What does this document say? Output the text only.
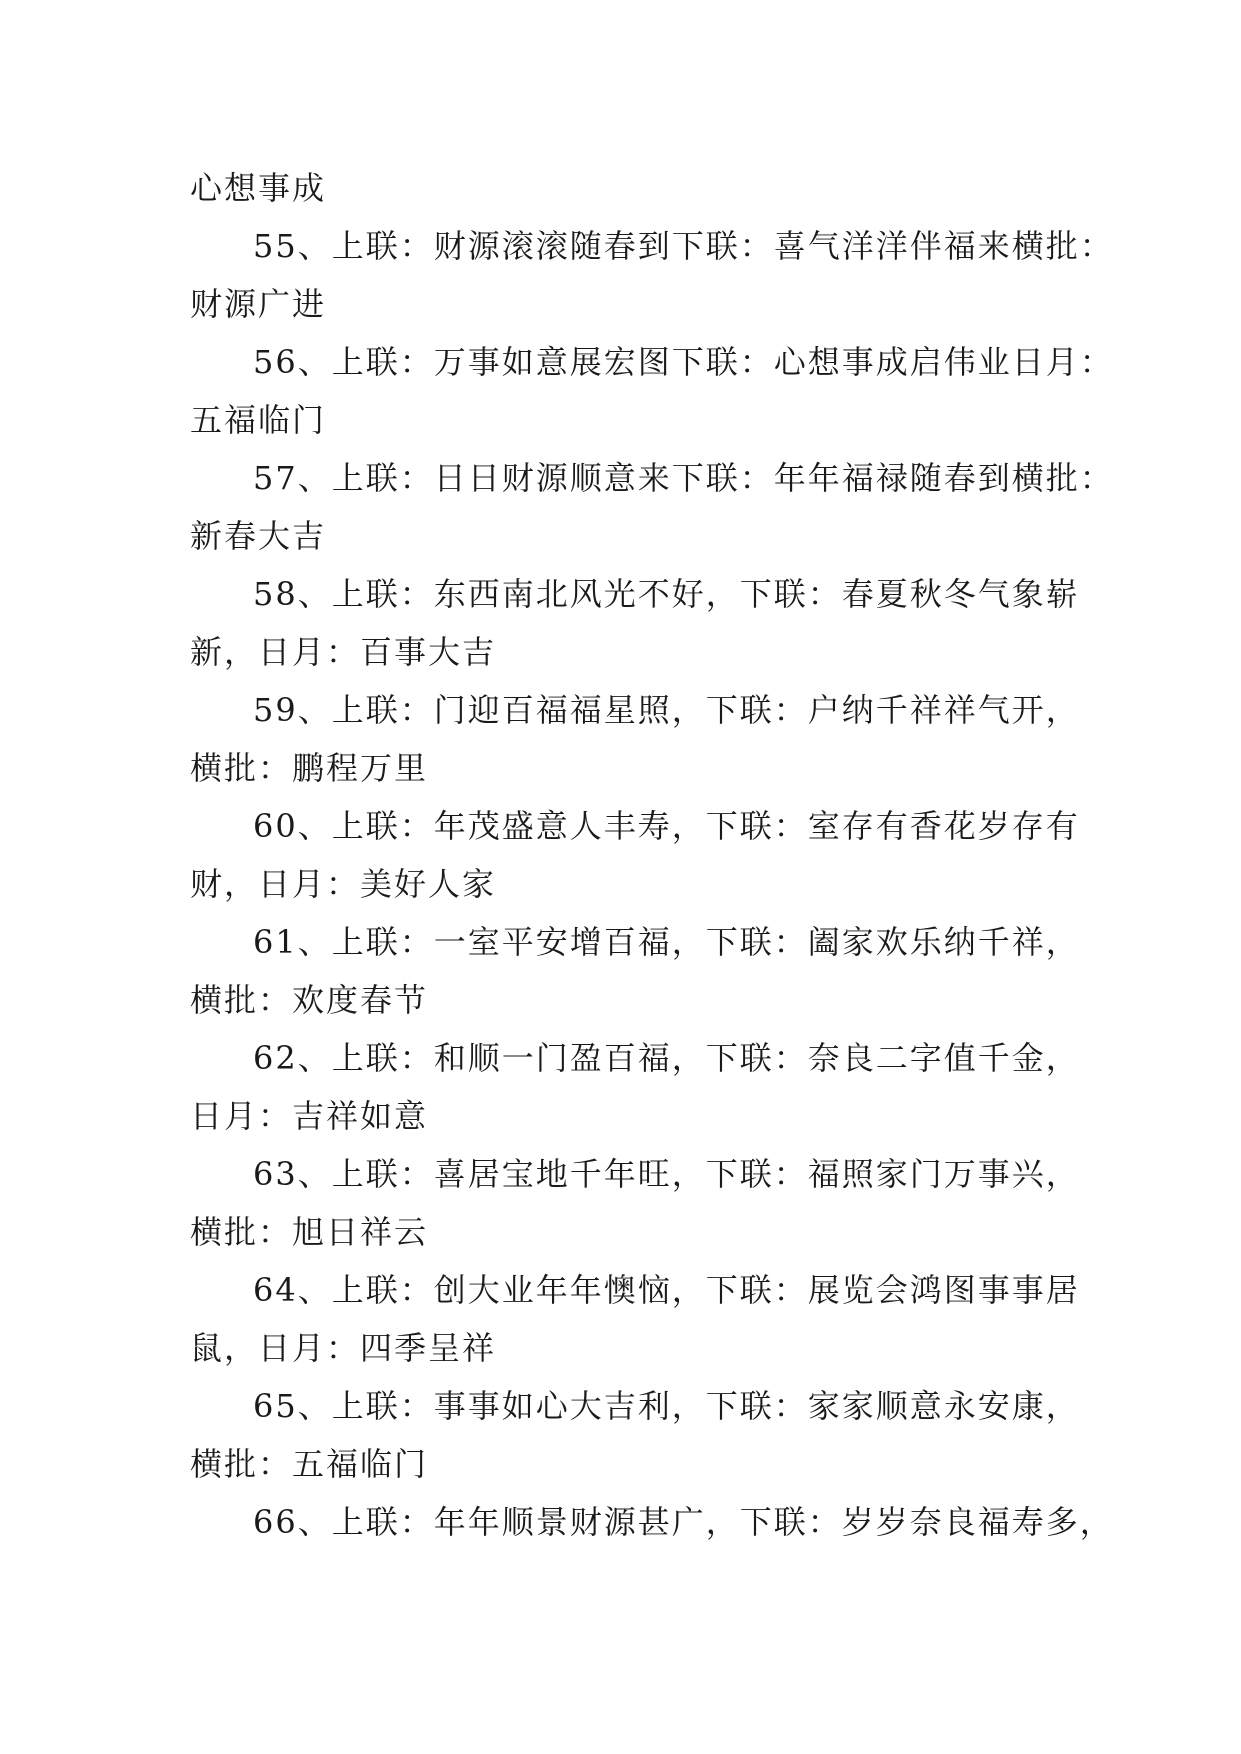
心想事成
55、上联：财源滚滚随春到下联：喜气洋洋伴福来横批：
财源广进
56、上联：万事如意展宏图下联：心想事成启伟业日月：
五福临门
57、上联：日日财源顺意来下联：年年福禄随春到横批：
新春大吉
58、上联：东西南北风光不好，下联：春夏秋冬气象崭
新，日月：百事大吉
59、上联：门迎百福福星照，下联：户纳千祥祥气开，
横批：鹏程万里
60、上联：年茂盛意人丰寿，下联：室存有香花岁存有
财，日月：美好人家
61、上联：一室平安增百福，下联：阖家欢乐纳千祥，
横批：欢度春节
62、上联：和顺一门盈百福，下联：奈良二字值千金，
日月：吉祥如意
63、上联：喜居宝地千年旺，下联：福照家门万事兴，
横批：旭日祥云
64、上联：创大业年年懊恼，下联：展览会鸿图事事居
鼠，日月：四季呈祥
65、上联：事事如心大吉利，下联：家家顺意永安康，
横批：五福临门
66、上联：年年顺景财源甚广，下联：岁岁奈良福寿多，
